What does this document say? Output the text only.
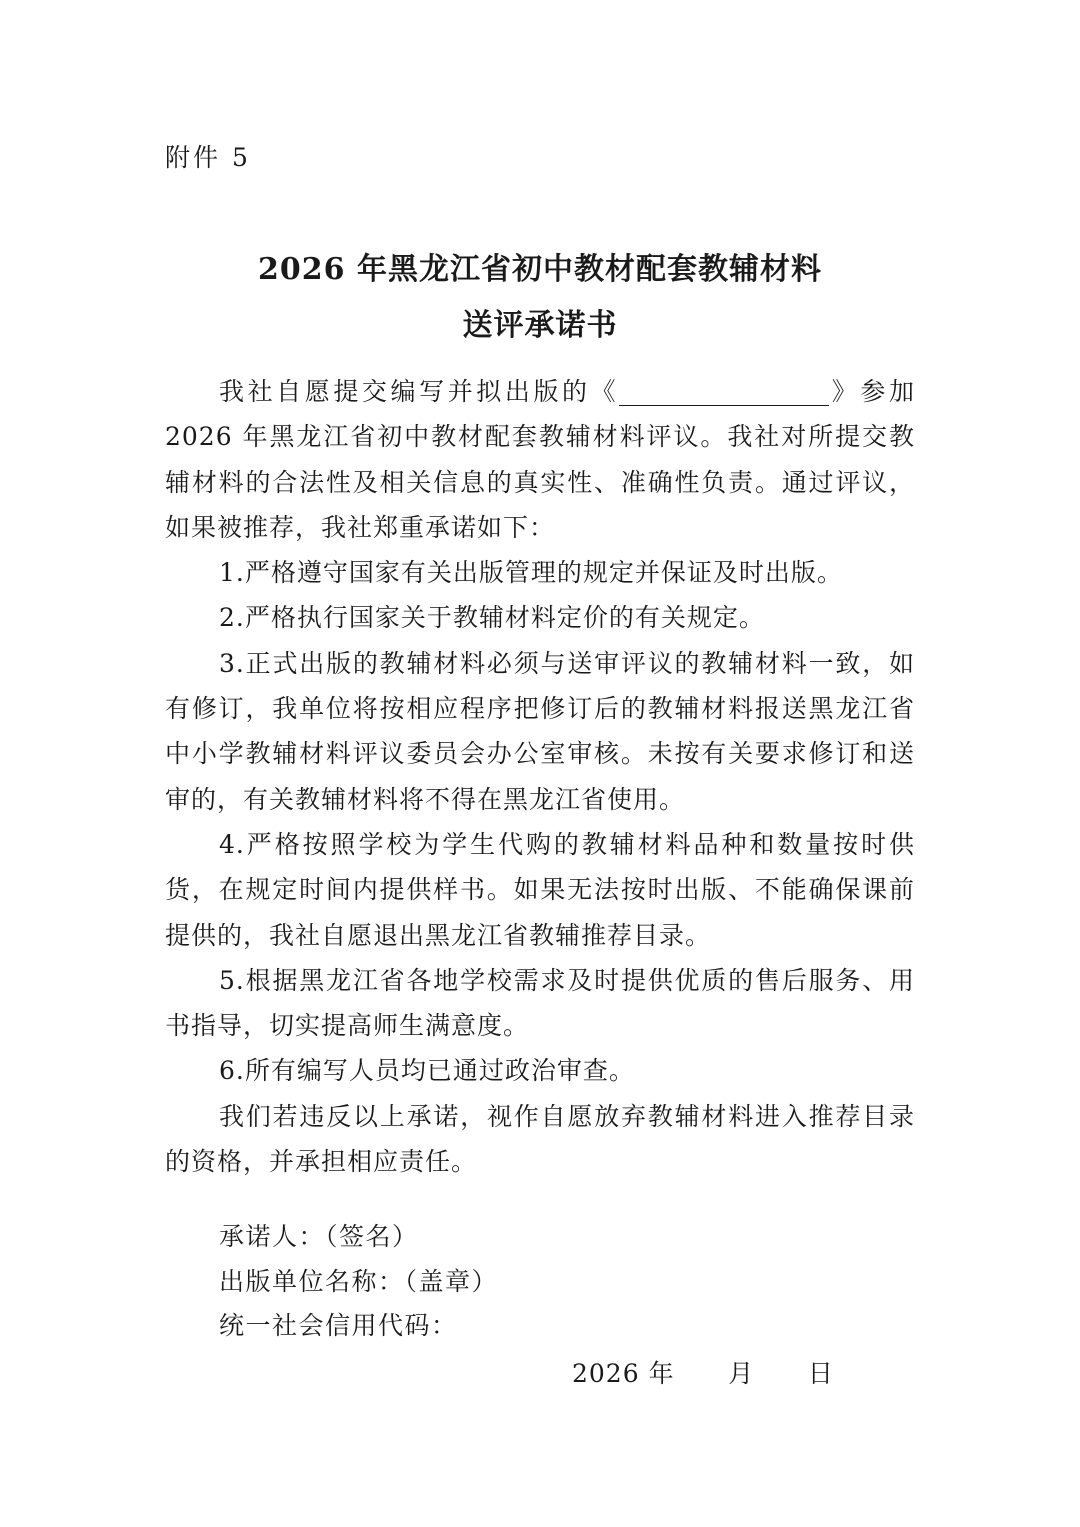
附件 5
2026 年黑龙江省初中教材配套教辅材料
送评承诺书

我社自愿提交编写并拟出版的《	》参加 2026 年黑龙江省初中教材配套教辅材料评议。我社对所提交教辅材料的合法性及相关信息的真实性、准确性负责。通过评议，如果被推荐，我社郑重承诺如下：

1.严格遵守国家有关出版管理的规定并保证及时出版。

2.严格执行国家关于教辅材料定价的有关规定。

3.正式出版的教辅材料必须与送审评议的教辅材料一致，如有修订，我单位将按相应程序把修订后的教辅材料报送黑龙江省中小学教辅材料评议委员会办公室审核。未按有关要求修订和送审的，有关教辅材料将不得在黑龙江省使用。

4.严格按照学校为学生代购的教辅材料品种和数量按时供货，在规定时间内提供样书。如果无法按时出版、不能确保课前提供的，我社自愿退出黑龙江省教辅推荐目录。

5.根据黑龙江省各地学校需求及时提供优质的售后服务、用书指导，切实提高师生满意度。

6.所有编写人员均已通过政治审查。

我们若违反以上承诺，视作自愿放弃教辅材料进入推荐目录的资格，并承担相应责任。

承诺人：（签名）
出版单位名称：（盖章）
统一社会信用代码：
2026 年      月      日
